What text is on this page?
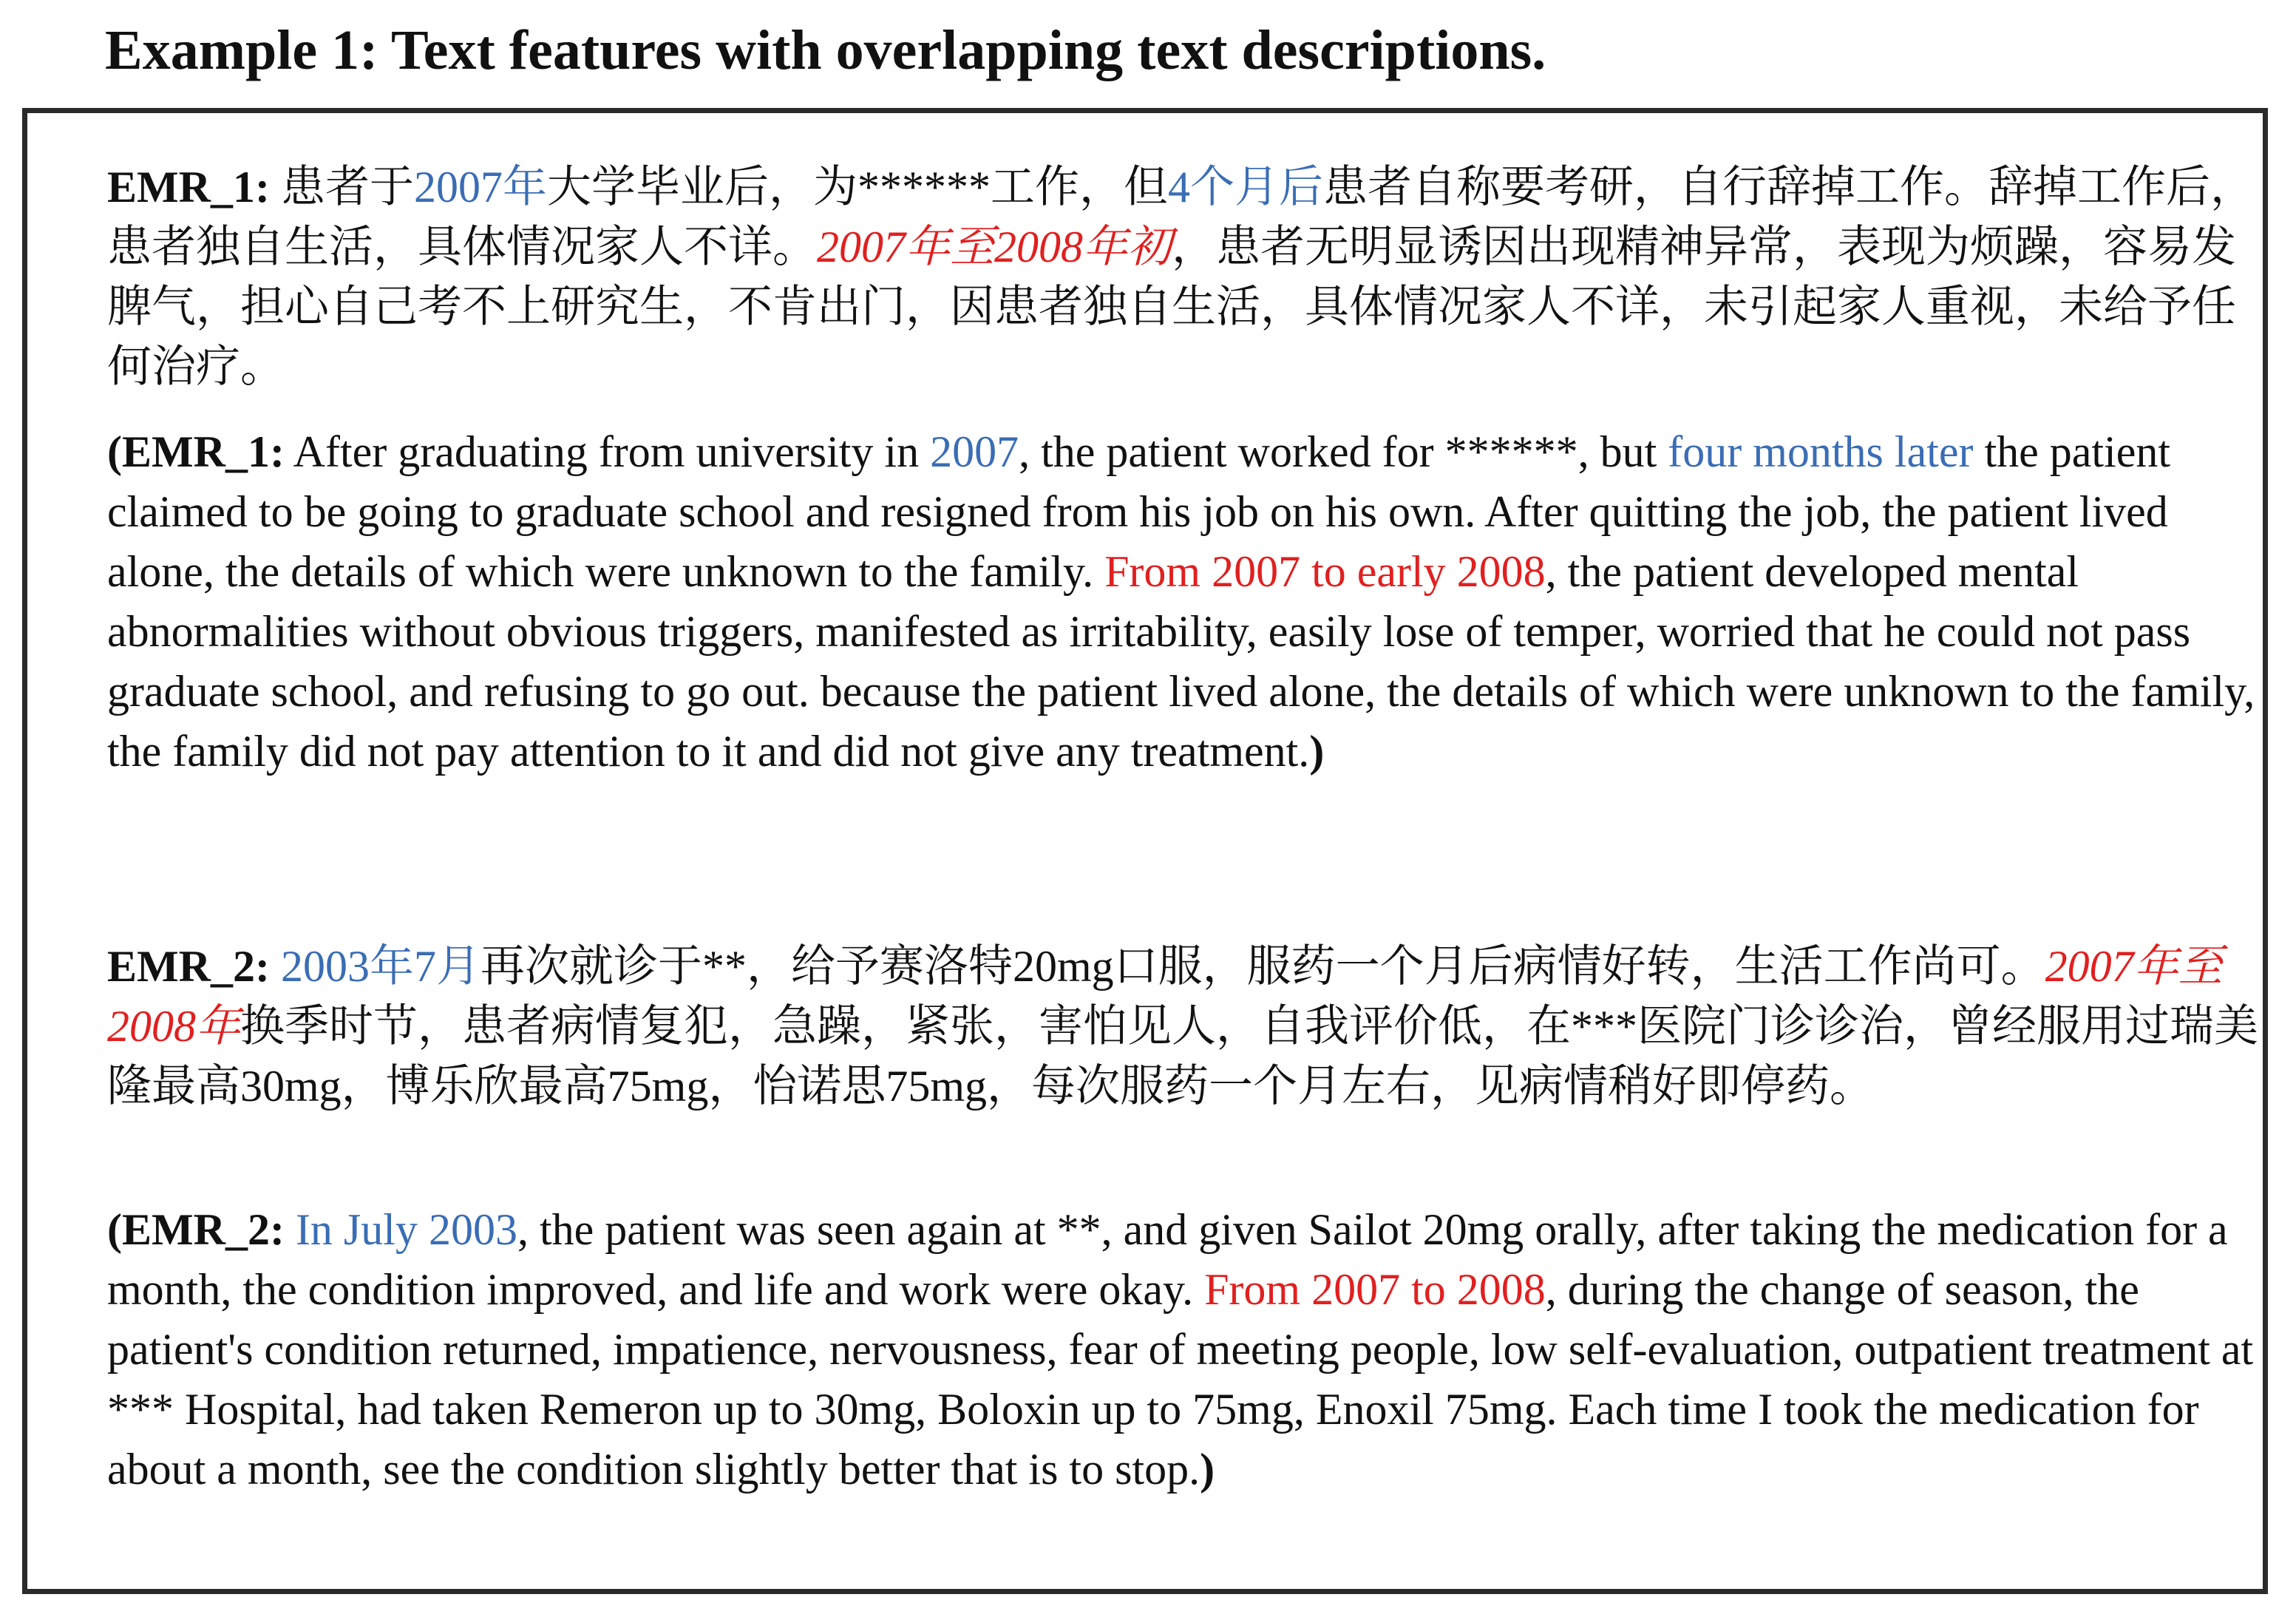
Example 1: Text features with overlapping text descriptions.

EMR_1: 患者于2007年大学毕业后，为******工作，但4个月后患者自称要考研，自行辞掉工作。辞掉工作后，患者独自生活，具体情况家人不详。2007年至2008年初，患者无明显诱因出现精神异常，表现为烦躁，容易发脾气，担心自己考不上研究生，不肯出门，因患者独自生活，具体情况家人不详，未引起家人重视，未给予任何治疗。

(EMR_1: After graduating from university in 2007, the patient worked for ******, but four months later the patient claimed to be going to graduate school and resigned from his job on his own. After quitting the job, the patient lived alone, the details of which were unknown to the family. From 2007 to early 2008, the patient developed mental abnormalities without obvious triggers, manifested as irritability, easily lose of temper, worried that he could not pass graduate school, and refusing to go out. because the patient lived alone, the details of which were unknown to the family, the family did not pay attention to it and did not give any treatment.)

EMR_2: 2003年7月再次就诊于**，给予赛洛特20mg口服，服药一个月后病情好转，生活工作尚可。2007年至2008年换季时节，患者病情复犯，急躁，紧张，害怕见人，自我评价低，在***医院门诊诊治，曾经服用过瑞美隆最高30mg，博乐欣最高75mg，怡诺思75mg，每次服药一个月左右，见病情稍好即停药。

(EMR_2: In July 2003, the patient was seen again at **, and given Sailot 20mg orally, after taking the medication for a month, the condition improved, and life and work were okay. From 2007 to 2008, during the change of season, the patient's condition returned, impatience, nervousness, fear of meeting people, low self-evaluation, outpatient treatment at *** Hospital, had taken Remeron up to 30mg, Boloxin up to 75mg, Enoxil 75mg. Each time I took the medication for about a month, see the condition slightly better that is to stop.)
